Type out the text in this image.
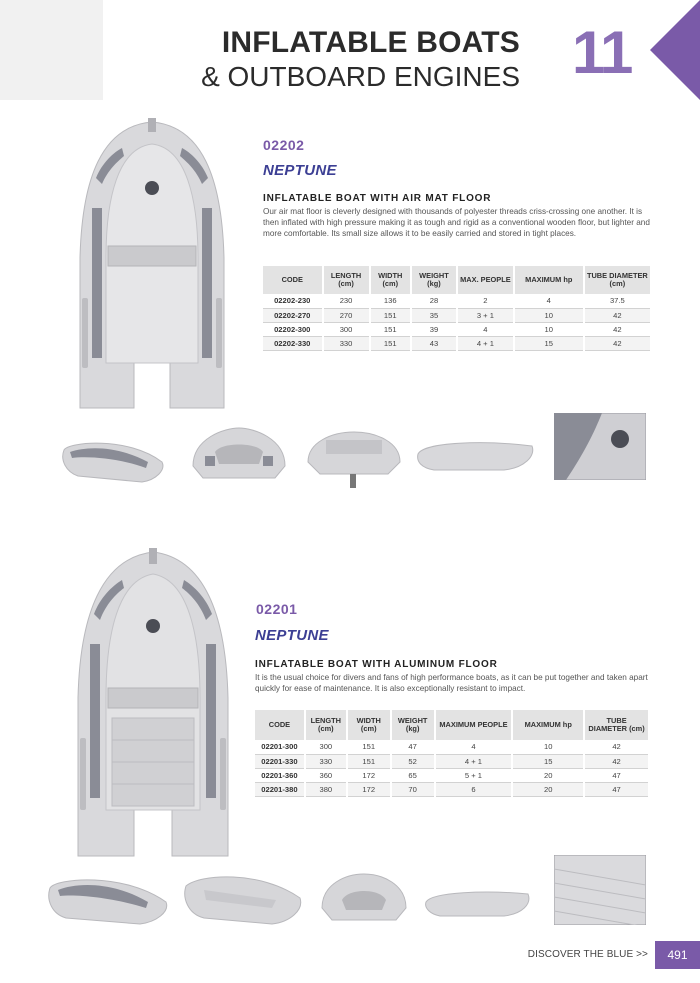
INFLATABLE BOATS
& OUTBOARD ENGINES 11
02202
NEPTUNE
INFLATABLE BOAT WITH AIR MAT FLOOR
Our air mat floor is cleverly designed with thousands of polyester threads criss-crossing one another. It is then inflated with high pressure making it as tough and rigid as a conventional wooden floor, but lighter and more comfortable. Its small size allows it to be easily carried and stored in tight places.
CODE	LENGTH (cm)	WIDTH (cm)	WEIGHT (kg)	MAX. PEOPLE	MAXIMUM hp	TUBE DIAMETER (cm)
02202-230	230	136	28	2	4	37.5
02202-270	270	151	35	3 + 1	10	42
02202-300	300	151	39	4	10	42
02202-330	330	151	43	4 + 1	15	42
02201
NEPTUNE
INFLATABLE BOAT WITH ALUMINUM FLOOR
It is the usual choice for divers and fans of high performance boats, as it can be put together and taken apart quickly for ease of maintenance. It is also exceptionally resistant to impact.
CODE	LENGTH (cm)	WIDTH (cm)	WEIGHT (kg)	MAXIMUM PEOPLE	MAXIMUM hp	TUBE DIAMETER (cm)
02201-300	300	151	47	4	10	42
02201-330	330	151	52	4 + 1	15	42
02201-360	360	172	65	5 + 1	20	47
02201-380	380	172	70	6	20	47
DISCOVER THE BLUE >>	491
